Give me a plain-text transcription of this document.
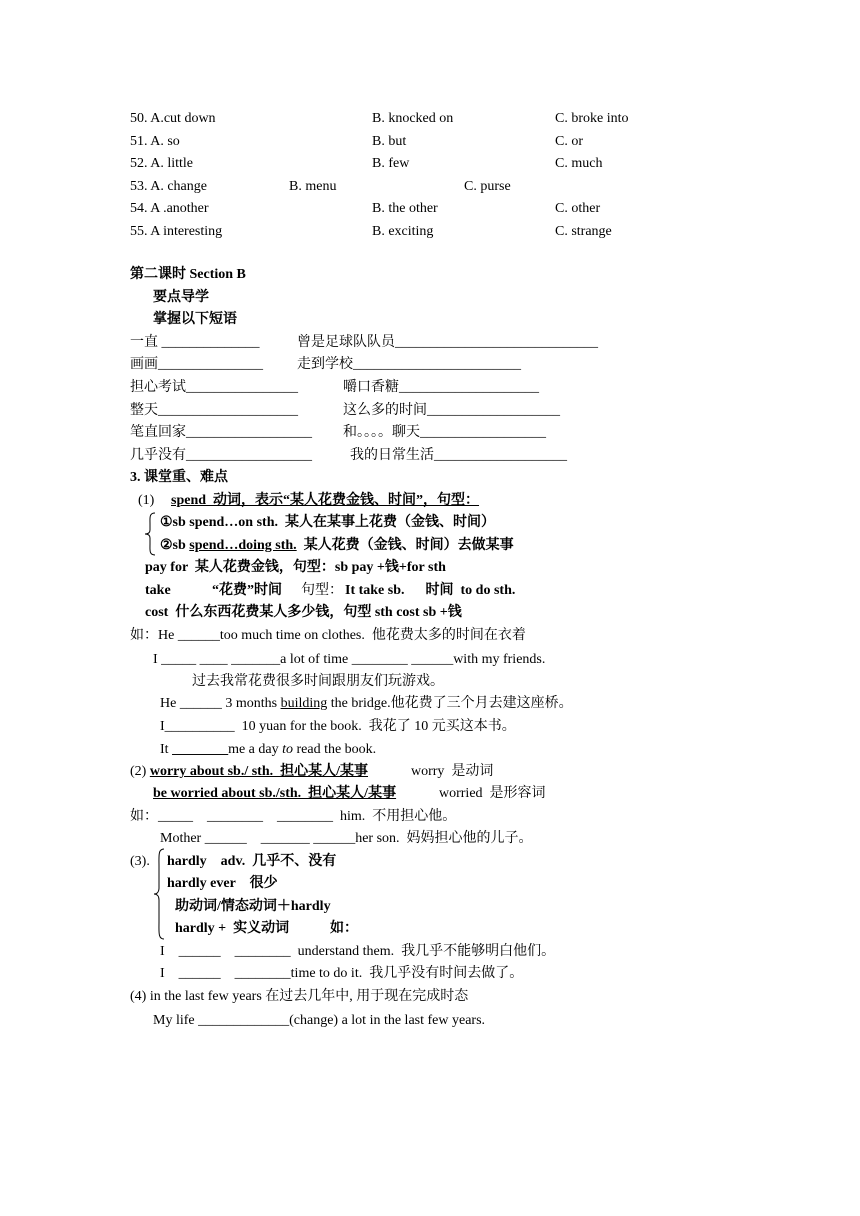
50. A.cut down	B. knocked on	C. broke into
51. A. so	B. but	C. or
52. A. little	B. few	C. much
53. A. change	B. menu	C. purse
54. A .another	B. the other	C. other
55. A interesting	B. exciting	C. strange
第二课时 Section B
要点导学
掌握以下短语
一直 ______________	曾是足球队队员_____________________________
画画_______________ 走到学校________________________
担心考试________________	嚼口香糖____________________
整天____________________	这么多的时间___________________
笔直回家__________________ 和。。。。聊天__________________
几乎没有__________________	我的日常生活___________________
3. 课堂重、难点
(1) spend  动词，表示“某人花费金钱、时间”，句型：
①sb spend…on sth.  某人在某事上花费（金钱、时间）
②sb spend…doing sth.  某人花费（金钱、时间）去做某事
pay for  某人花费金钱，句型：sb pay +钱+for sth
take	“花费”时间 句型： It take sb.      时间  to do sth.
cost  什么东西花费某人多少钱，句型 sth cost sb +钱
如：He ______too much time on clothes.  他花费太多的时间在衣着
I _____ ____ _______a lot of time ________ ______with my friends.
过去我常花费很多时间跟朋友们玩游戏。
He ______ 3 months building the bridge.他花费了三个月去建这座桥。
I__________  10 yuan for the book.  我花了 10 元买这本书。
It ________me a day to read the book.
(2) worry about sb./ sth.  担心某人/某事	worry  是动词
be worried about sb./sth.  担心某人/某事	worried  是形容词
如：_____    ________    ________  him.  不用担心他。
Mother ______    _______ ______her son.  妈妈担心他的儿子。
(3). hardly    adv.  几乎不、没有
hardly ever    很少
助动词/情态动词＋hardly
hardly +  实义动词	如：
I    ______    ________  understand them.  我几乎不能够明白他们。
I    ______    ________time to do it.  我几乎没有时间去做了。
(4) in the last few years 在过去几年中, 用于现在完成时态
My life _____________(change) a lot in the last few years.
